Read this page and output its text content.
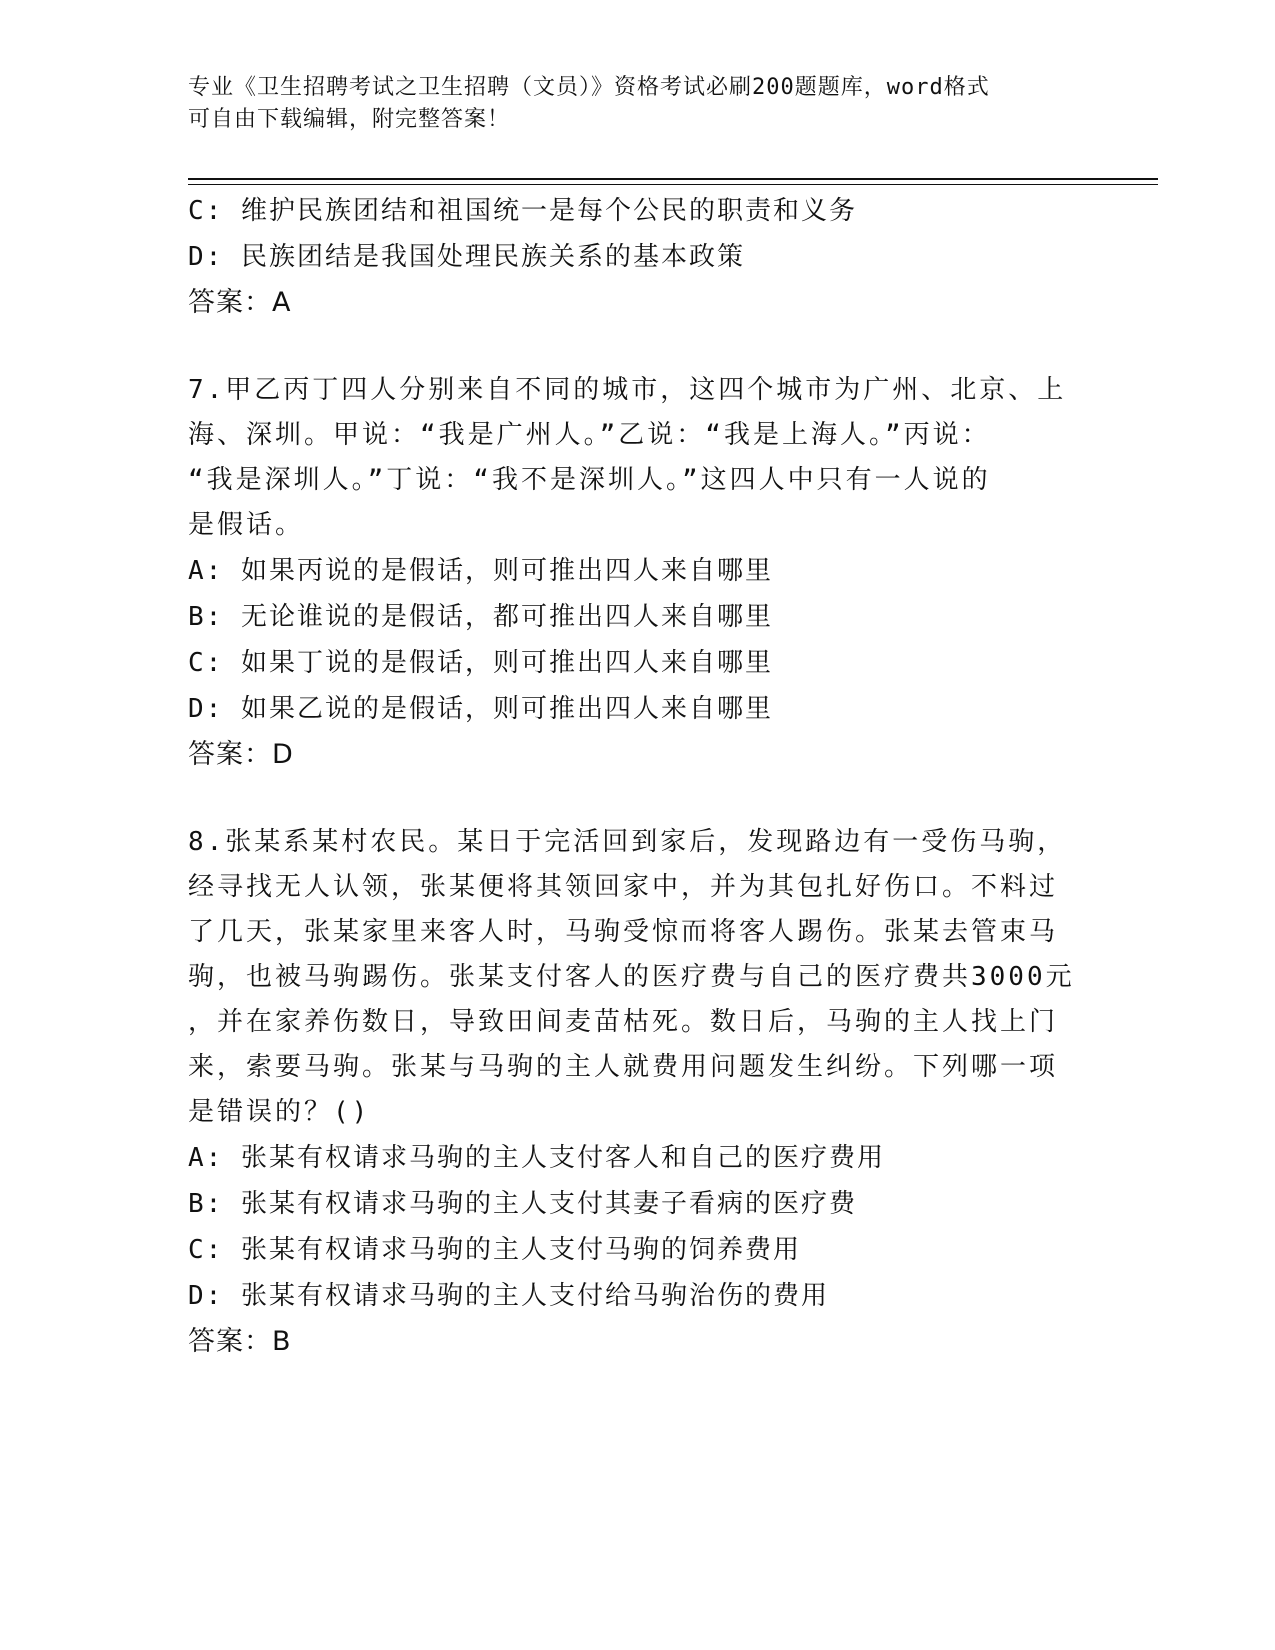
专业《卫生招聘考试之卫生招聘（文员）》资格考试必刷200题题库，word格式
可自由下载编辑，附完整答案！
C: 维护民族团结和祖国统一是每个公民的职责和义务
D: 民族团结是我国处理民族关系的基本政策
答案：A
7.甲乙丙丁四人分别来自不同的城市，这四个城市为广州、北京、上
海、深圳。甲说：“我是广州人。”乙说：“我是上海人。”丙说：
“我是深圳人。”丁说：“我不是深圳人。”这四人中只有一人说的
是假话。
A: 如果丙说的是假话，则可推出四人来自哪里
B: 无论谁说的是假话，都可推出四人来自哪里
C: 如果丁说的是假话，则可推出四人来自哪里
D: 如果乙说的是假话，则可推出四人来自哪里
答案：D
8.张某系某村农民。某日于完活回到家后，发现路边有一受伤马驹，
经寻找无人认领，张某便将其领回家中，并为其包扎好伤口。不料过
了几天，张某家里来客人时，马驹受惊而将客人踢伤。张某去管束马
驹，也被马驹踢伤。张某支付客人的医疗费与自己的医疗费共3000元
，并在家养伤数日，导致田间麦苗枯死。数日后，马驹的主人找上门
来，索要马驹。张某与马驹的主人就费用问题发生纠纷。下列哪一项
是错误的？()
A: 张某有权请求马驹的主人支付客人和自己的医疗费用
B: 张某有权请求马驹的主人支付其妻子看病的医疗费
C: 张某有权请求马驹的主人支付马驹的饲养费用
D: 张某有权请求马驹的主人支付给马驹治伤的费用
答案：B
